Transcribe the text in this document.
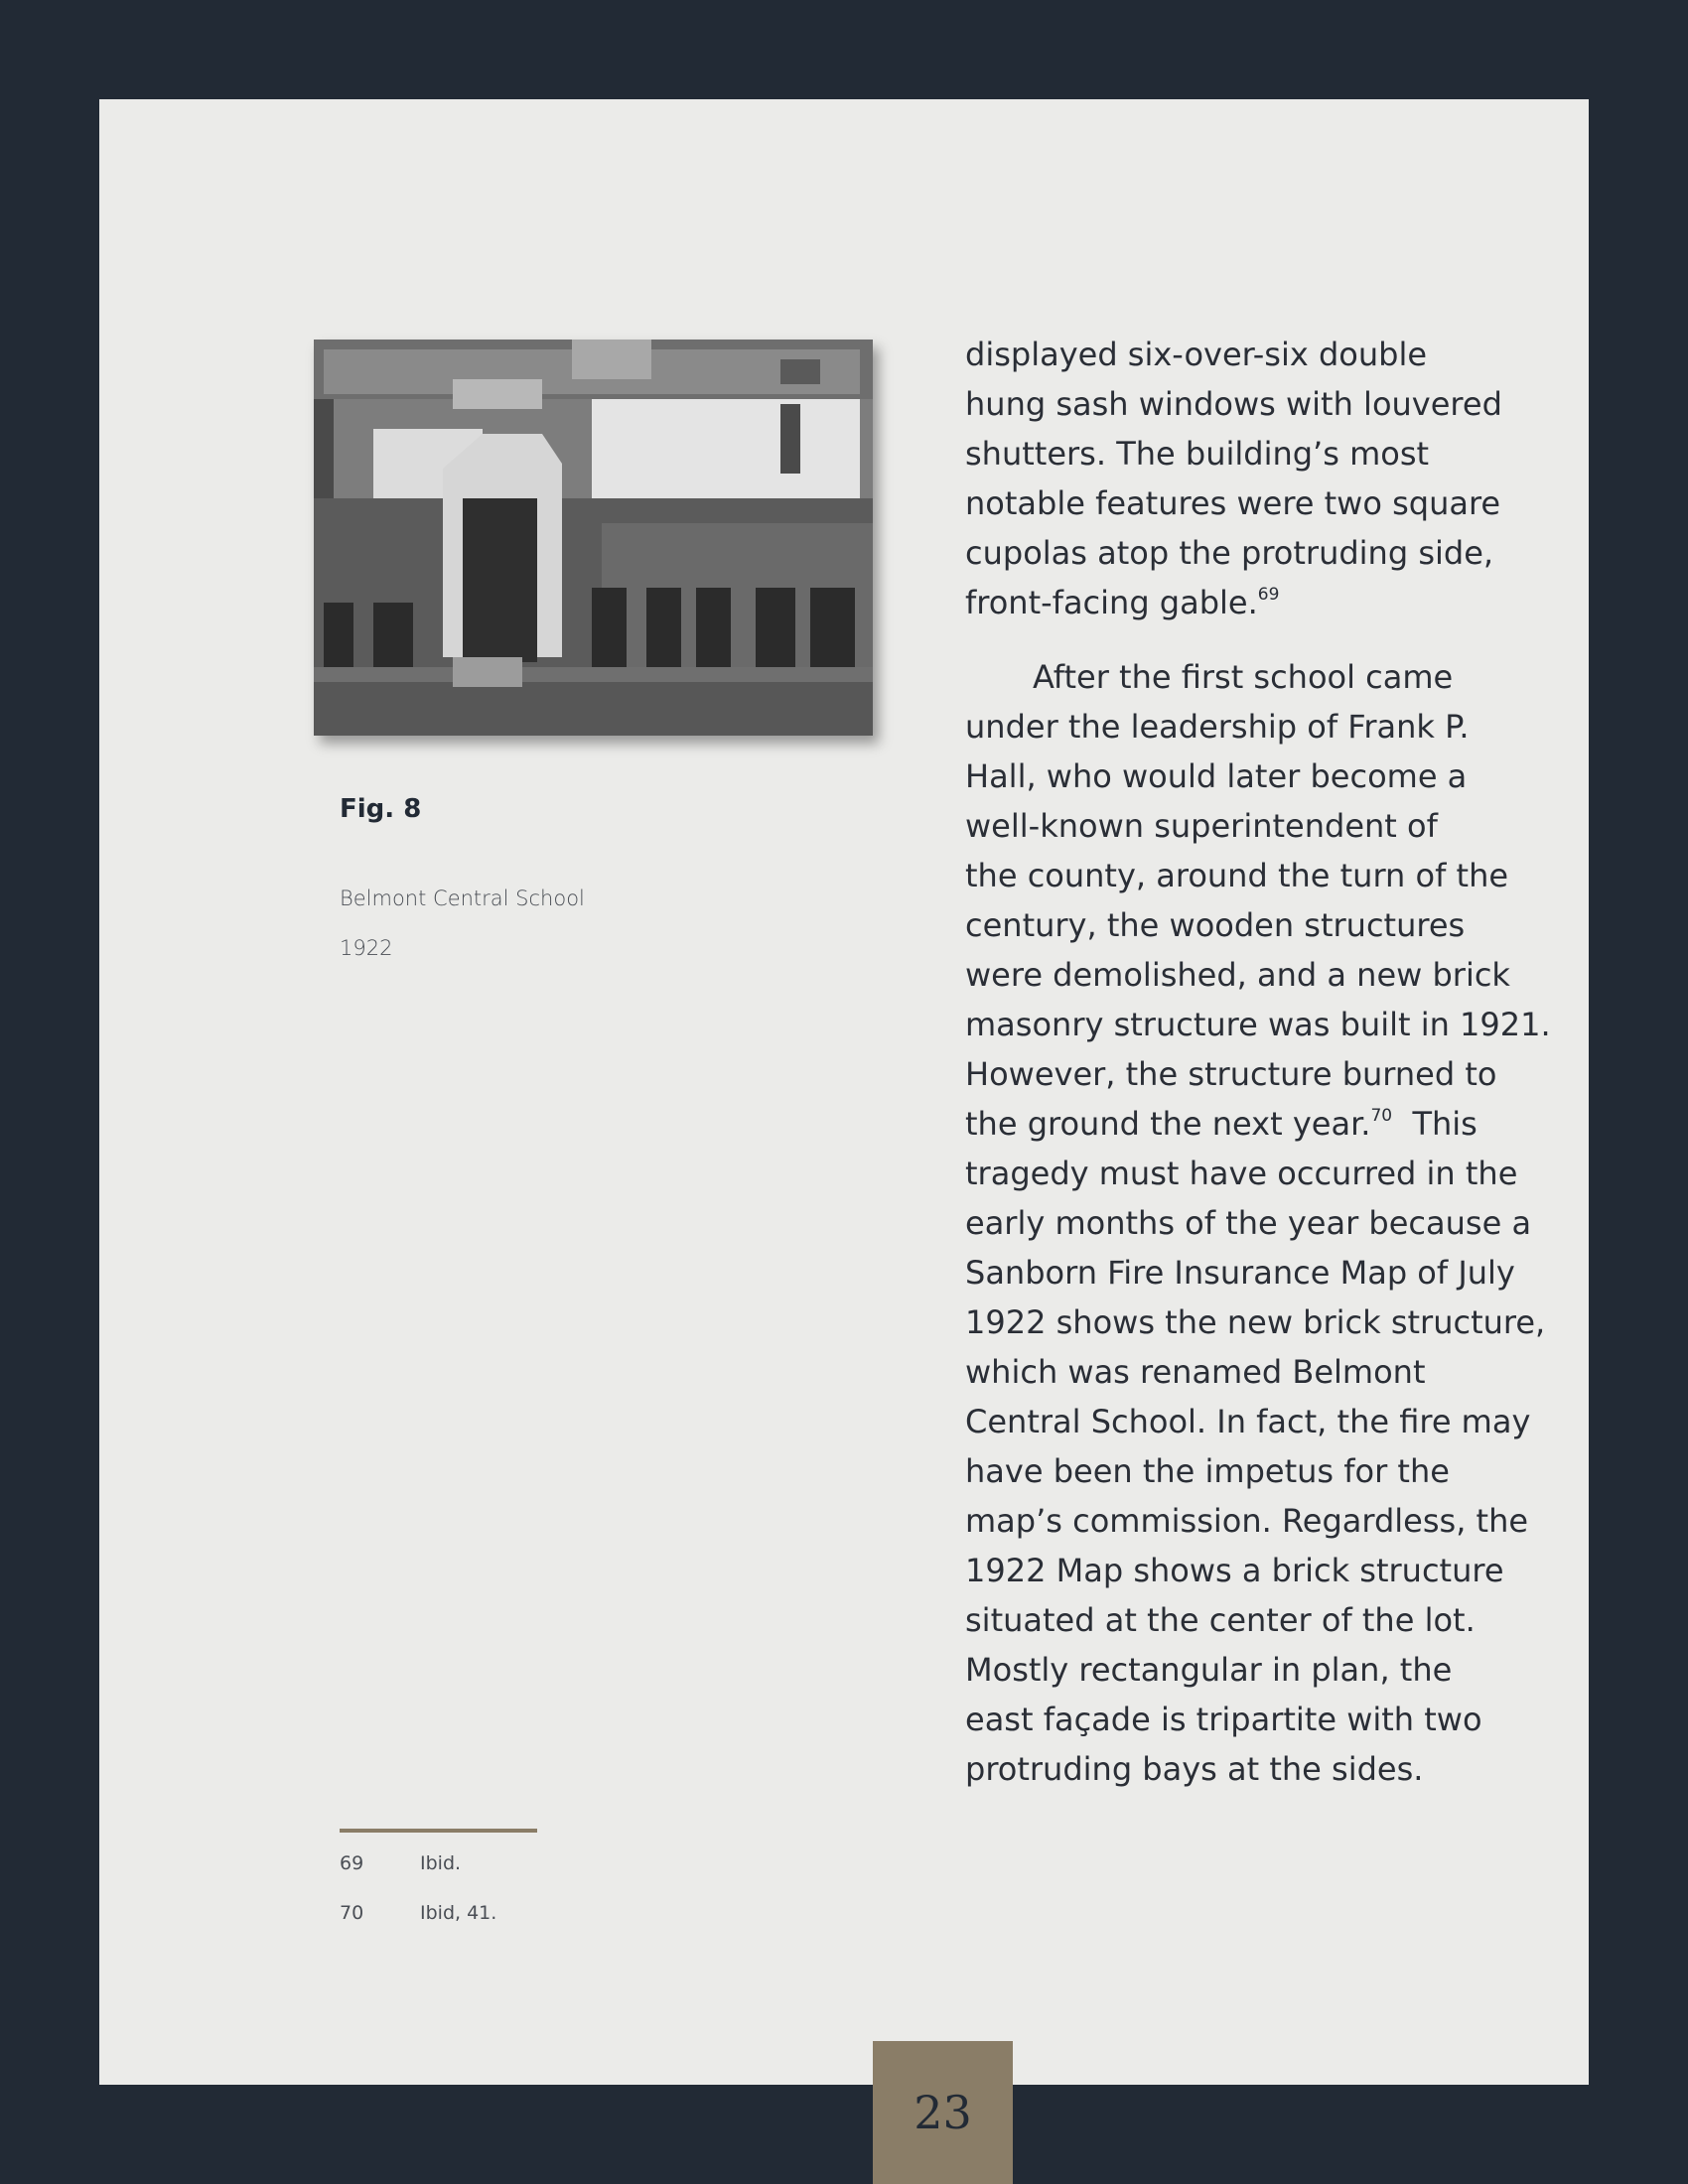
Fig. 8
Belmont Central School
1922

displayed six-over-six double
hung sash windows with louvered
shutters. The building’s most
notable features were two square
cupolas atop the protruding side,
front-facing gable.$^{69}$

After the first school came
under the leadership of Frank P.
Hall, who would later become a
well-known superintendent of
the county, around the turn of the
century, the wooden structures
were demolished, and a new brick
masonry structure was built in 1921.
However, the structure burned to
the ground the next year.$^{70}$  This
tragedy must have occurred in the
early months of the year because a
Sanborn Fire Insurance Map of July
1922 shows the new brick structure,
which was renamed Belmont
Central School. In fact, the fire may
have been the impetus for the
map’s commission. Regardless, the
1922 Map shows a brick structure
situated at the center of the lot.
Mostly rectangular in plan, the
east façade is tripartite with two
protruding bays at the sides.

69	Ibid.
70	Ibid, 41.
23
